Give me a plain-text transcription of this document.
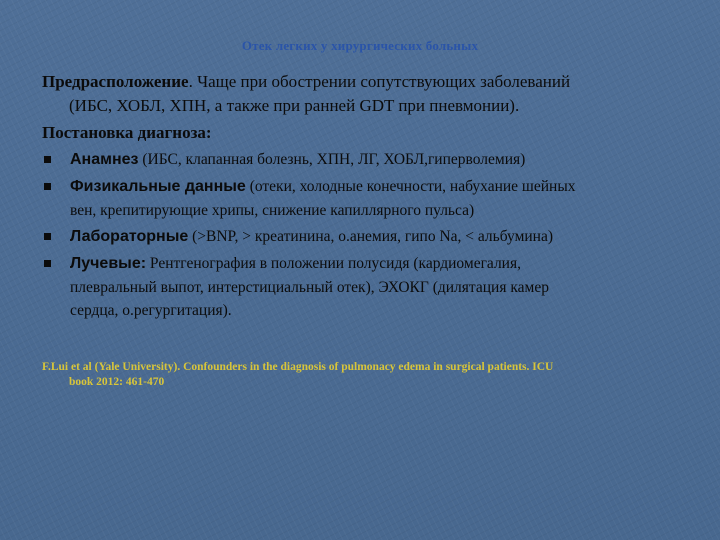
Отек легких у хирургических больных

Предрасположение. Чаще при обострении сопутствующих заболеваний
(ИБС, ХОБЛ, ХПН, а также при ранней GDT при пневмонии).

Постановка диагноза:

Анамнез (ИБС, клапанная болезнь, ХПН, ЛГ, ХОБЛ,гиперволемия)
Физикальные данные (отеки, холодные конечности, набухание шейных
вен, крепитирующие хрипы, снижение капиллярного пульса)
Лабораторные (>BNP, > креатинина, о.анемия, гипо Na, < альбумина)
Лучевые: Рентгенография в положении полусидя (кардиомегалия,
плевральный выпот, интерстициальный отек), ЭХОКГ (дилятация камер
сердца, о.регургитация).
F.Lui et al (Yale University). Confounders in the diagnosis of pulmonacy edema in surgical patients. ICU
book 2012: 461-470
